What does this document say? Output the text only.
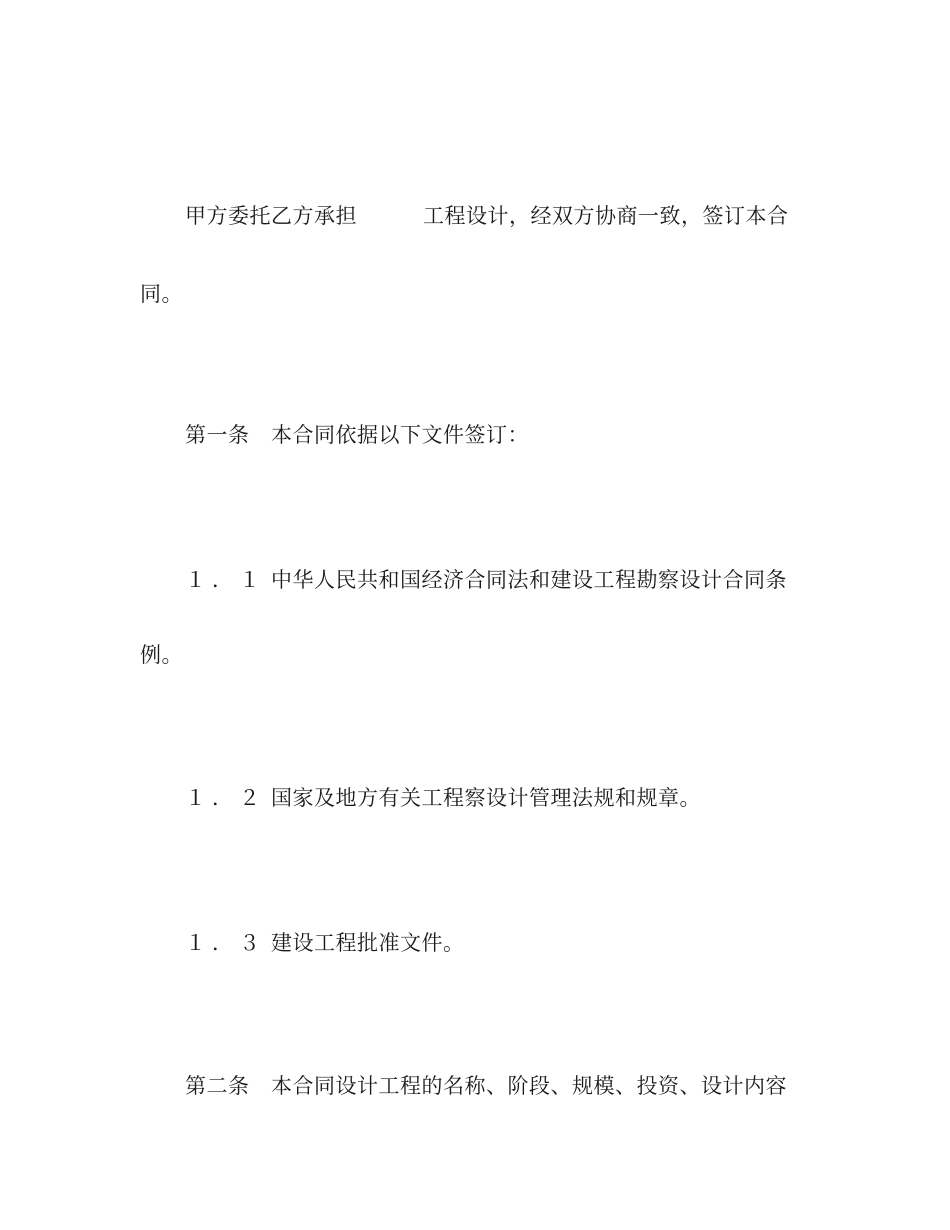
甲方委托乙方承担	工程设计，经双方协商一致，签订本合
同。
第一条 本合同依据以下文件签订：
１．１ 中华人民共和国经济合同法和建设工程勘察设计合同条
例。
１．２ 国家及地方有关工程察设计管理法规和规章。
１．３ 建设工程批准文件。
第二条 本合同设计工程的名称、阶段、规模、投资、设计内容
